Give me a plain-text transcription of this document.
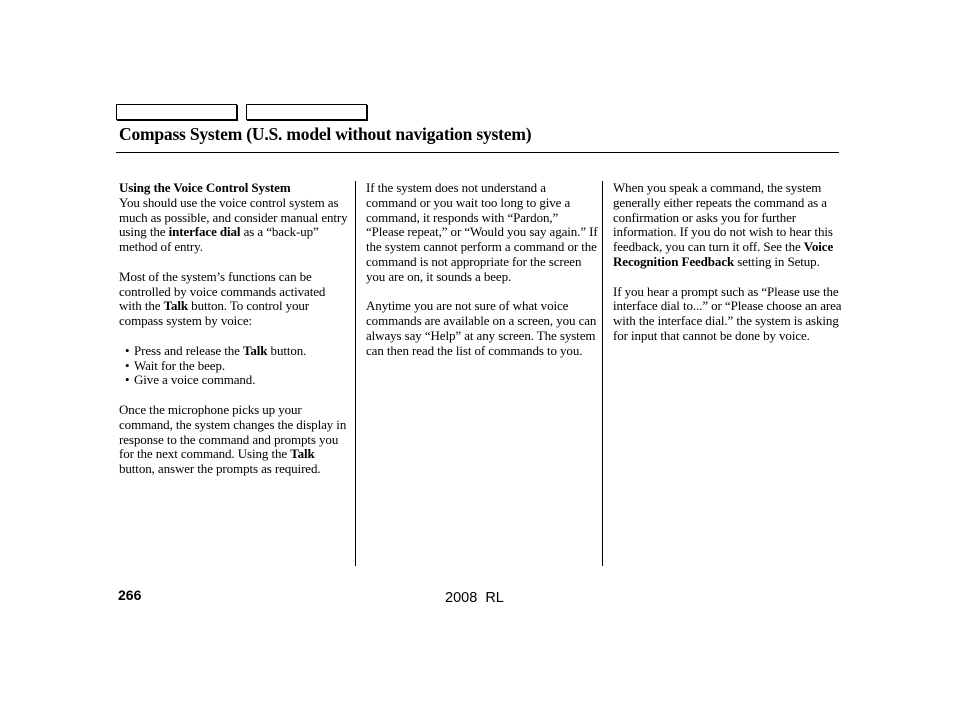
Compass System (U.S. model without navigation system)
Using the Voice Control System

You should use the voice control system as much as possible, and consider manual entry using the interface dial as a “back-up” method of entry.

Most of the system’s functions can be controlled by voice commands activated with the Talk button. To control your compass system by voice:

• Press and release the Talk button.
• Wait for the beep.
• Give a voice command.

Once the microphone picks up your command, the system changes the display in response to the command and prompts you for the next command. Using the Talk button, answer the prompts as required.

If the system does not understand a command or you wait too long to give a command, it responds with “Pardon,” “Please repeat,” or “Would you say again.” If the system cannot perform a command or the command is not appropriate for the screen you are on, it sounds a beep.

Anytime you are not sure of what voice commands are available on a screen, you can always say “Help” at any screen. The system can then read the list of commands to you.

When you speak a command, the system generally either repeats the command as a confirmation or asks you for further information. If you do not wish to hear this feedback, you can turn it off. See the Voice Recognition Feedback setting in Setup.

If you hear a prompt such as “Please use the interface dial to...” or “Please choose an area with the interface dial.” the system is asking for input that cannot be done by voice.

266	2008  RL
